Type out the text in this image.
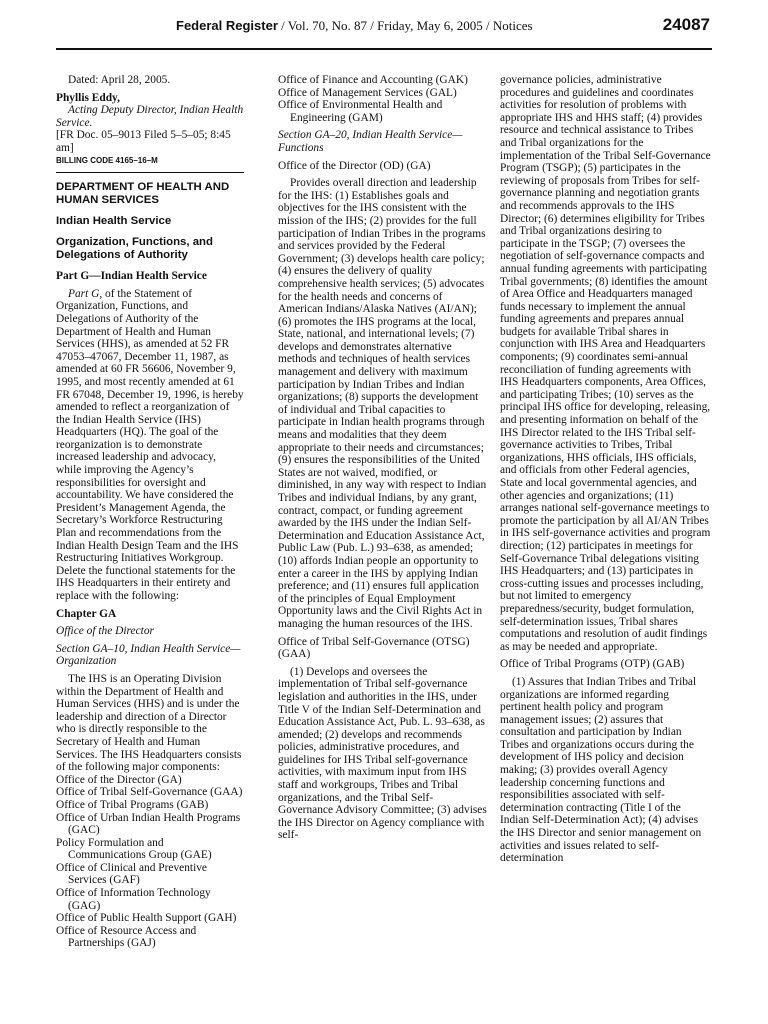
Federal Register / Vol. 70, No. 87 / Friday, May 6, 2005 / Notices	24087

Dated: April 28, 2005.

Phyllis Eddy,

Acting Deputy Director, Indian Health Service.

[FR Doc. 05–9013 Filed 5–5–05; 8:45 am]

BILLING CODE 4165–16–M

DEPARTMENT OF HEALTH AND HUMAN SERVICES

Indian Health Service

Organization, Functions, and Delegations of Authority

Part G—Indian Health Service

Part G, of the Statement of Organization, Functions, and Delegations of Authority of the Department of Health and Human Services (HHS), as amended at 52 FR 47053–47067, December 11, 1987, as amended at 60 FR 56606, November 9, 1995, and most recently amended at 61 FR 67048, December 19, 1996, is hereby amended to reflect a reorganization of the Indian Health Service (IHS) Headquarters (HQ). The goal of the reorganization is to demonstrate increased leadership and advocacy, while improving the Agency’s responsibilities for oversight and accountability. We have considered the President’s Management Agenda, the Secretary’s Workforce Restructuring Plan and recommendations from the Indian Health Design Team and the IHS Restructuring Initiatives Workgroup. Delete the functional statements for the IHS Headquarters in their entirety and replace with the following:

Chapter GA

Office of the Director

Section GA–10, Indian Health Service—Organization

The IHS is an Operating Division within the Department of Health and Human Services (HHS) and is under the leadership and direction of a Director who is directly responsible to the Secretary of Health and Human Services. The IHS Headquarters consists of the following major components:

Office of the Director (GA)
Office of Tribal Self-Governance (GAA)
Office of Tribal Programs (GAB)
Office of Urban Indian Health Programs (GAC)
Policy Formulation and Communications Group (GAE)
Office of Clinical and Preventive Services (GAF)
Office of Information Technology (GAG)
Office of Public Health Support (GAH)
Office of Resource Access and Partnerships (GAJ)
Office of Finance and Accounting (GAK)
Office of Management Services (GAL)
Office of Environmental Health and Engineering (GAM)

Section GA–20, Indian Health Service—Functions

Office of the Director (OD) (GA)

Provides overall direction and leadership for the IHS: (1) Establishes goals and objectives for the IHS consistent with the mission of the IHS; (2) provides for the full participation of Indian Tribes in the programs and services provided by the Federal Government; (3) develops health care policy; (4) ensures the delivery of quality comprehensive health services; (5) advocates for the health needs and concerns of American Indians/Alaska Natives (AI/AN); (6) promotes the IHS programs at the local, State, national, and international levels; (7) develops and demonstrates alternative methods and techniques of health services management and delivery with maximum participation by Indian Tribes and Indian organizations; (8) supports the development of individual and Tribal capacities to participate in Indian health programs through means and modalities that they deem appropriate to their needs and circumstances; (9) ensures the responsibilities of the United States are not waived, modified, or diminished, in any way with respect to Indian Tribes and individual Indians, by any grant, contract, compact, or funding agreement awarded by the IHS under the Indian Self-Determination and Education Assistance Act, Public Law (Pub. L.) 93–638, as amended; (10) affords Indian people an opportunity to enter a career in the IHS by applying Indian preference; and (11) ensures full application of the principles of Equal Employment Opportunity laws and the Civil Rights Act in managing the human resources of the IHS.

Office of Tribal Self-Governance (OTSG) (GAA)

(1) Develops and oversees the implementation of Tribal self-governance legislation and authorities in the IHS, under Title V of the Indian Self-Determination and Education Assistance Act, Pub. L. 93–638, as amended; (2) develops and recommends policies, administrative procedures, and guidelines for IHS Tribal self-governance activities, with maximum input from IHS staff and workgroups, Tribes and Tribal organizations, and the Tribal Self-Governance Advisory Committee; (3) advises the IHS Director on Agency compliance with self-

governance policies, administrative procedures and guidelines and coordinates activities for resolution of problems with appropriate IHS and HHS staff; (4) provides resource and technical assistance to Tribes and Tribal organizations for the implementation of the Tribal Self-Governance Program (TSGP); (5) participates in the reviewing of proposals from Tribes for self-governance planning and negotiation grants and recommends approvals to the IHS Director; (6) determines eligibility for Tribes and Tribal organizations desiring to participate in the TSGP; (7) oversees the negotiation of self-governance compacts and annual funding agreements with participating Tribal governments; (8) identifies the amount of Area Office and Headquarters managed funds necessary to implement the annual funding agreements and prepares annual budgets for available Tribal shares in conjunction with IHS Area and Headquarters components; (9) coordinates semi-annual reconciliation of funding agreements with IHS Headquarters components, Area Offices, and participating Tribes; (10) serves as the principal IHS office for developing, releasing, and presenting information on behalf of the IHS Director related to the IHS Tribal self-governance activities to Tribes, Tribal organizations, HHS officials, IHS officials, and officials from other Federal agencies, State and local governmental agencies, and other agencies and organizations; (11) arranges national self-governance meetings to promote the participation by all AI/AN Tribes in IHS self-governance activities and program direction; (12) participates in meetings for Self-Governance Tribal delegations visiting IHS Headquarters; and (13) participates in cross-cutting issues and processes including, but not limited to emergency preparedness/security, budget formulation, self-determination issues, Tribal shares computations and resolution of audit findings as may be needed and appropriate.

Office of Tribal Programs (OTP) (GAB)

(1) Assures that Indian Tribes and Tribal organizations are informed regarding pertinent health policy and program management issues; (2) assures that consultation and participation by Indian Tribes and organizations occurs during the development of IHS policy and decision making; (3) provides overall Agency leadership concerning functions and responsibilities associated with self-determination contracting (Title I of the Indian Self-Determination Act); (4) advises the IHS Director and senior management on activities and issues related to self-determination
